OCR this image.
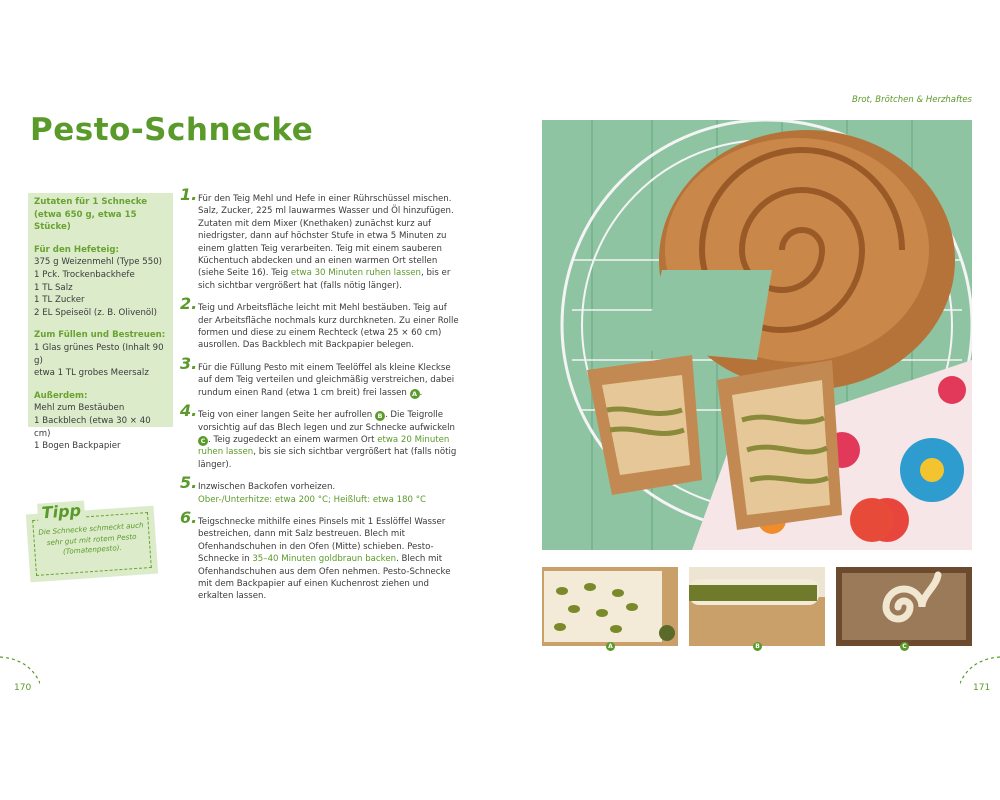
Pesto-Schnecke
Zutaten für 1 Schnecke
(etwa 650 g, etwa 15 Stücke)
Für den Hefeteig:
375 g Weizenmehl (Type 550)
1 Pck. Trockenbackhefe
1 TL Salz
1 TL Zucker
2 EL Speiseöl (z. B. Olivenöl)
Zum Füllen und Bestreuen:
1 Glas grünes Pesto (Inhalt 90 g)
etwa 1 TL grobes Meersalz
Außerdem:
Mehl zum Bestäuben
1 Backblech (etwa 30 × 40 cm)
1 Bogen Backpapier
1. Für den Teig Mehl und Hefe in einer Rührschüssel mischen. Salz, Zucker, 225 ml lauwarmes Wasser und Öl hinzufügen. Zutaten mit dem Mixer (Knethaken) zunächst kurz auf niedrigster, dann auf höchster Stufe in etwa 5 Minuten zu einem glatten Teig verarbeiten. Teig mit einem sauberen Küchentuch abdecken und an einen warmen Ort stellen (siehe Seite 16). Teig etwa 30 Minuten ruhen lassen, bis er sich sichtbar vergrößert hat (falls nötig länger).
2. Teig und Arbeitsfläche leicht mit Mehl bestäuben. Teig auf der Arbeitsfläche nochmals kurz durchkneten. Zu einer Rolle formen und diese zu einem Rechteck (etwa 25 × 60 cm) ausrollen. Das Backblech mit Backpapier belegen.
3. Für die Füllung Pesto mit einem Teelöffel als kleine Kleckse auf dem Teig verteilen und gleichmäßig verstreichen, dabei rundum einen Rand (etwa 1 cm breit) frei lassen A .
4. Teig von einer langen Seite her aufrollen B . Die Teigrolle vorsichtig auf das Blech legen und zur Schnecke aufwickeln C . Teig zugedeckt an einem warmen Ort etwa 20 Minuten ruhen lassen, bis sie sich sichtbar vergrößert hat (falls nötig länger).
5. Inzwischen Backofen vorheizen.
Ober-/Unterhitze: etwa 200 °C; Heißluft: etwa 180 °C
6. Teigschnecke mithilfe eines Pinsels mit 1 Esslöffel Wasser bestreichen, dann mit Salz bestreuen. Blech mit Ofenhandschuhen in den Ofen (Mitte) schieben. Pesto-Schnecke in 35–40 Minuten goldbraun backen. Blech mit Ofenhandschuhen aus dem Ofen nehmen. Pesto-Schnecke mit dem Backpapier auf einen Kuchenrost ziehen und erkalten lassen.
Tipp
Die Schnecke schmeckt auch sehr gut mit rotem Pesto (Tomatenpesto).
170
Brot, Brötchen & Herzhaftes
A	B	C
171
